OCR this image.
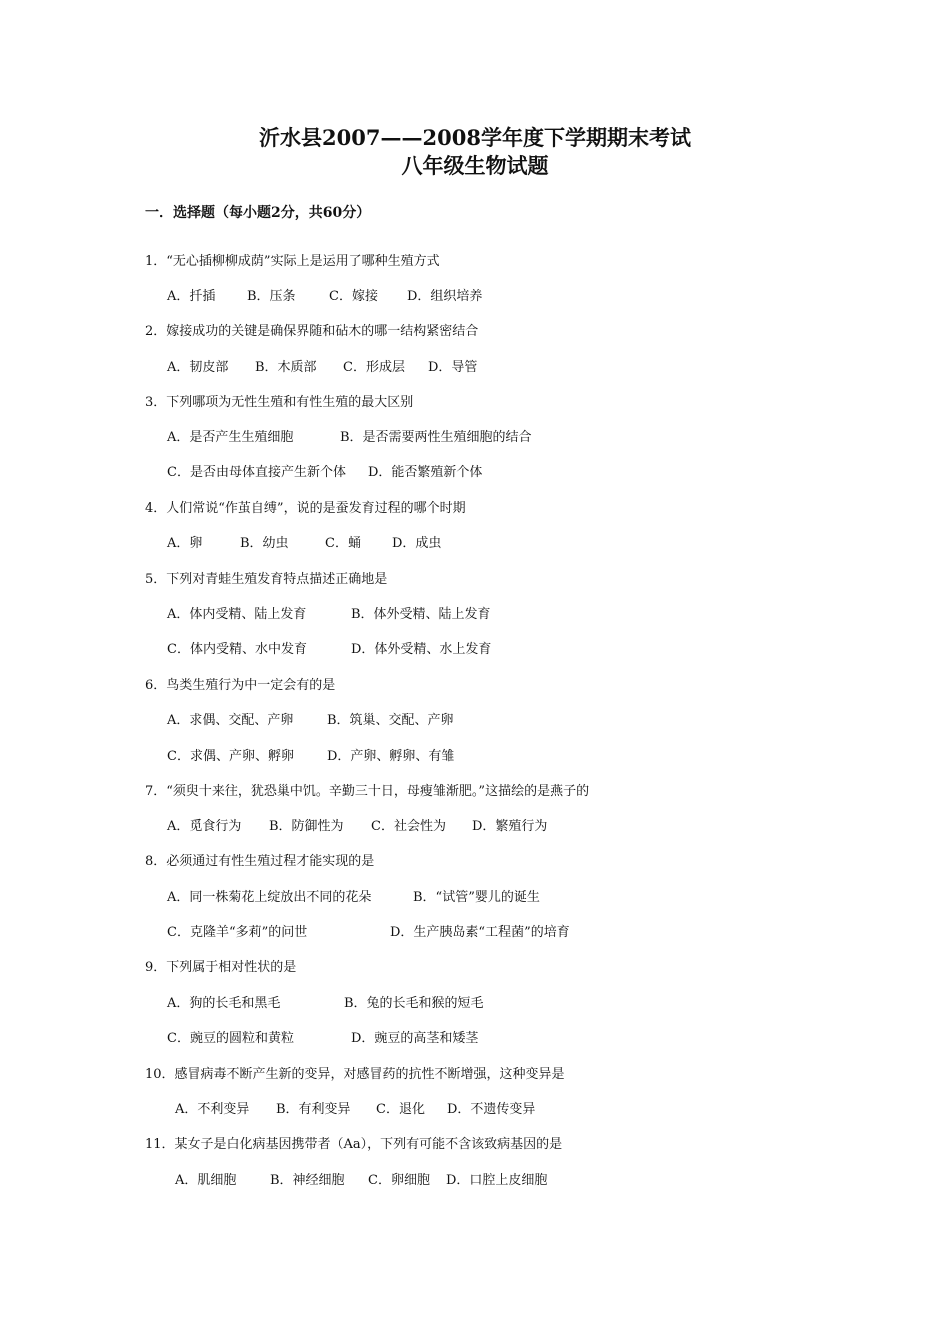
沂水县2007——2008学年度下学期期末考试
八年级生物试题
一．选择题（每小题2分，共60分）
1．“无心插柳柳成荫”实际上是运用了哪种生殖方式
A．扦插 B．压条	C．嫁接 D．组织培养
2．嫁接成功的关键是确保界随和砧木的哪一结构紧密结合
A．韧皮部 B．木质部 C．形成层 D．导管
3．下列哪项为无性生殖和有性生殖的最大区别
A．是否产生生殖细胞	B．是否需要两性生殖细胞的结合
C．是否由母体直接产生新个体 D．能否繁殖新个体
4．人们常说“作茧自缚”，说的是蚕发育过程的哪个时期
A．卵	B．幼虫	C．蛹 D．成虫
5．下列对青蛙生殖发育特点描述正确地是
A．体内受精、陆上发育	B．体外受精、陆上发育
C．体内受精、水中发育	D．体外受精、水上发育
6．鸟类生殖行为中一定会有的是
A．求偶、交配、产卵	B．筑巢、交配、产卵
C．求偶、产卵、孵卵	D．产卵、孵卵、有雏
7．“须臾十来往，犹恐巢中饥。辛勤三十日，母瘦雏渐肥。”这描绘的是燕子的
A．觅食行为 B．防御性为 C．社会性为 D．繁殖行为
8．必须通过有性生殖过程才能实现的是
A．同一株菊花上绽放出不同的花朵	B．“试管”婴儿的诞生
C．克隆羊“多莉”的问世	D．生产胰岛素“工程菌”的培育
9．下列属于相对性状的是
A．狗的长毛和黑毛	B．兔的长毛和猴的短毛
C．豌豆的圆粒和黄粒	D．豌豆的高茎和矮茎
10．感冒病毒不断产生新的变异，对感冒药的抗性不断增强，这种变异是
A．不利变异 B．有利变异 C．退化 D．不遗传变异
11．某女子是白化病基因携带者（Aa），下列有可能不含该致病基因的是
A．肌细胞	B．神经细胞 C．卵细胞 D．口腔上皮细胞
